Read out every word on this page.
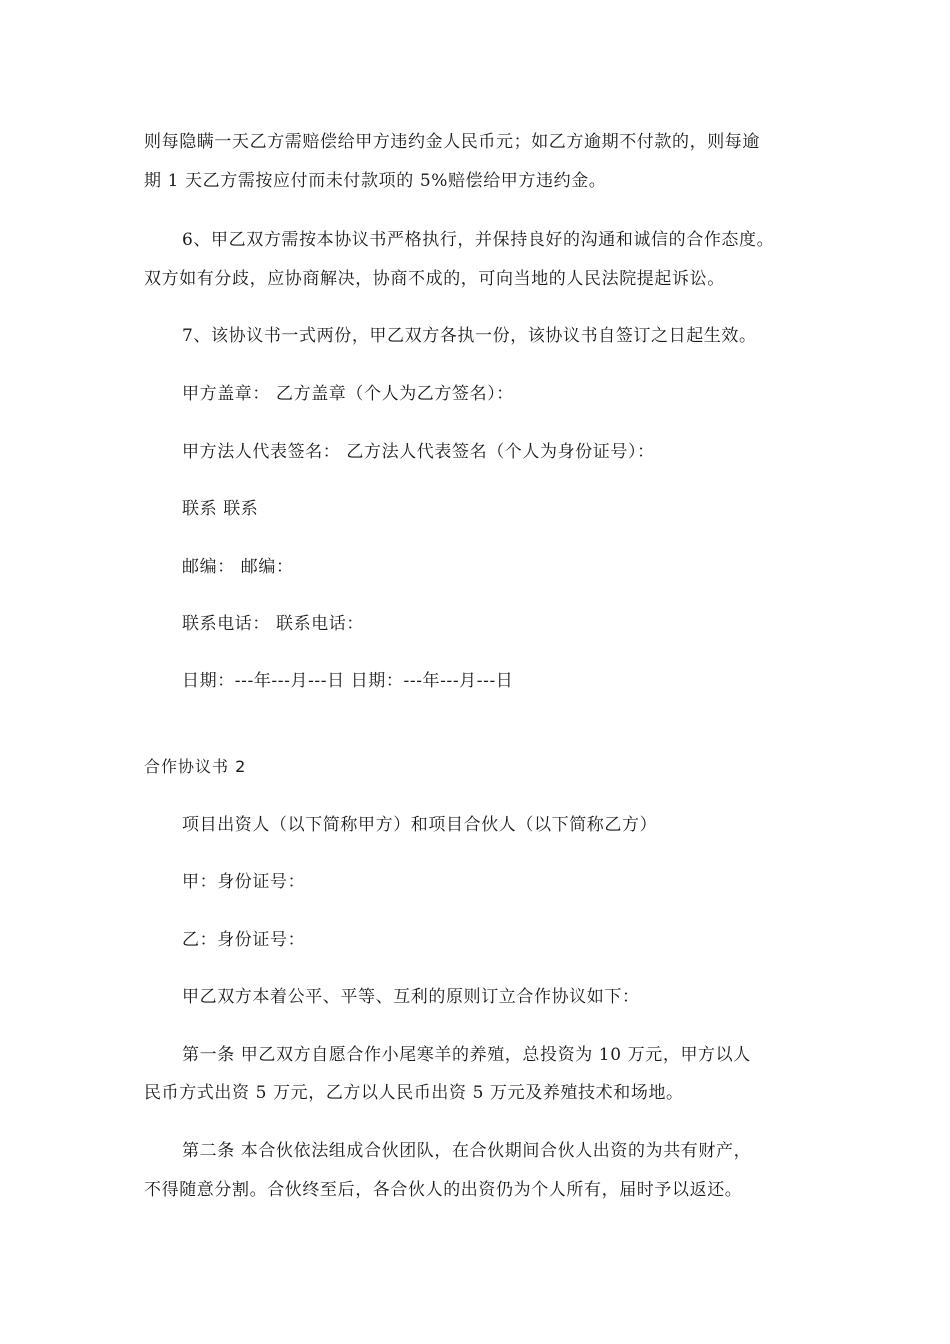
则每隐瞒一天乙方需赔偿给甲方违约金人民币元；如乙方逾期不付款的，则每逾
期 1 天乙方需按应付而未付款项的 5%赔偿给甲方违约金。
6、甲乙双方需按本协议书严格执行，并保持良好的沟通和诚信的合作态度。
双方如有分歧，应协商解决，协商不成的，可向当地的人民法院提起诉讼。
7、该协议书一式两份，甲乙双方各执一份，该协议书自签订之日起生效。
甲方盖章： 乙方盖章（个人为乙方签名）：
甲方法人代表签名： 乙方法人代表签名（个人为身份证号）：
联系 联系
邮编： 邮编：
联系电话： 联系电话：
日期：---年---月---日 日期：---年---月---日
合作协议书 2
项目出资人（以下简称甲方）和项目合伙人（以下简称乙方）
甲：身份证号：
乙：身份证号：
甲乙双方本着公平、平等、互利的原则订立合作协议如下：
第一条 甲乙双方自愿合作小尾寒羊的养殖，总投资为 10 万元，甲方以人
民币方式出资 5 万元，乙方以人民币出资 5 万元及养殖技术和场地。
第二条 本合伙依法组成合伙团队，在合伙期间合伙人出资的为共有财产，
不得随意分割。合伙终至后，各合伙人的出资仍为个人所有，届时予以返还。
